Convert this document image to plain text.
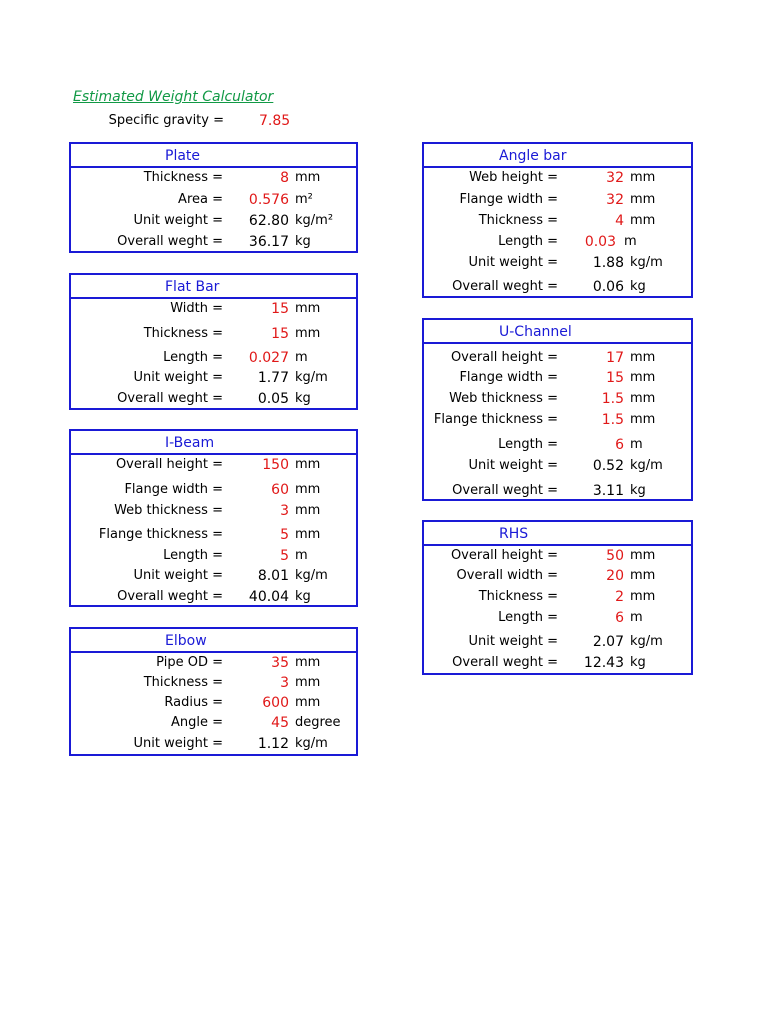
Estimated Weight Calculator
Specific gravity =	7.85
Plate
Thickness =	8 mm
Area = 0.576 m²
Unit weight = 62.80 kg/m²
Overall weght = 36.17 kg
Flat Bar
Width =	15 mm
Thickness =	15 mm
Length = 0.027 m
Unit weight = 1.77 kg/m
Overall weght = 0.05 kg
I-Beam
Overall height =	150 mm
Flange width =	60 mm
Web thickness =	3 mm
Flange thickness =	5 mm
Length =	5 m
Unit weight = 8.01 kg/m
Overall weght = 40.04 kg
Elbow
Pipe OD =	35 mm
Thickness =	3 mm
Radius =	600 mm
Angle =	45 degree
Unit weight = 1.12 kg/m
Angle bar
Web height =	32 mm
Flange width =	32 mm
Thickness =	4 mm
Length = 0.03 m
Unit weight = 1.88 kg/m
Overall weght = 0.06 kg
U-Channel
Overall height =	17 mm
Flange width =	15 mm
Web thickness =	1.5 mm
Flange thickness =	1.5 mm
Length =	6 m
Unit weight = 0.52 kg/m
Overall weght = 3.11 kg
RHS
Overall height =	50 mm
Overall width =	20 mm
Thickness =	2 mm
Length =	6 m
Unit weight = 2.07 kg/m
Overall weght = 12.43 kg
